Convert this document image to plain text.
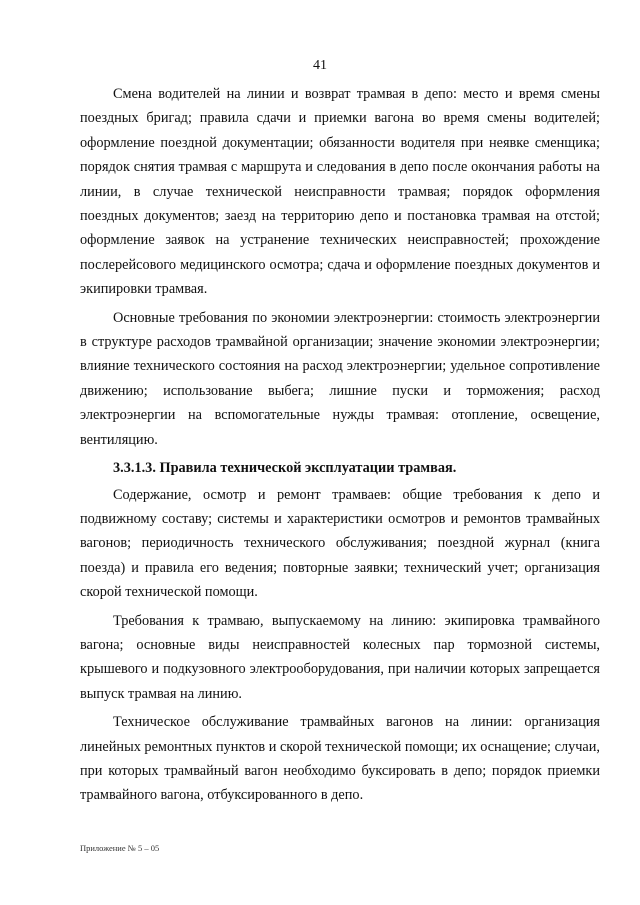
41

Смена водителей на линии и возврат трамвая в депо: место и время смены поездных бригад; правила сдачи и приемки вагона во время смены водителей; оформление поездной документации; обязанности водителя при неявке сменщика; порядок снятия трамвая с маршрута и следования в депо после окончания работы на линии, в случае технической неисправности трамвая; порядок оформления поездных документов; заезд на территорию депо и постановка трамвая на отстой; оформление заявок на устранение технических неисправностей; прохождение послерейсового медицинского осмотра; сдача и оформление поездных документов и экипировки трамвая.

Основные требования по экономии электроэнергии: стоимость электроэнергии в структуре расходов трамвайной организации; значение экономии электроэнергии; влияние технического состояния на расход электроэнергии; удельное сопротивление движению; использование выбега; лишние пуски и торможения; расход электроэнергии на вспомогательные нужды трамвая: отопление, освещение, вентиляцию.

3.3.1.3. Правила технической эксплуатации трамвая.

Содержание, осмотр и ремонт трамваев: общие требования к депо и подвижному составу; системы и характеристики осмотров и ремонтов трамвайных вагонов; периодичность технического обслуживания; поездной журнал (книга поезда) и правила его ведения; повторные заявки; технический учет; организация скорой технической помощи.

Требования к трамваю, выпускаемому на линию: экипировка трамвайного вагона; основные виды неисправностей колесных пар тормозной системы, крышевого и подкузовного электрооборудования, при наличии которых запрещается выпуск трамвая на линию.

Техническое обслуживание трамвайных вагонов на линии: организация линейных ремонтных пунктов и скорой технической помощи; их оснащение; случаи, при которых трамвайный вагон необходимо буксировать в депо; порядок приемки трамвайного вагона, отбуксированного в депо.

Приложение № 5 – 05
